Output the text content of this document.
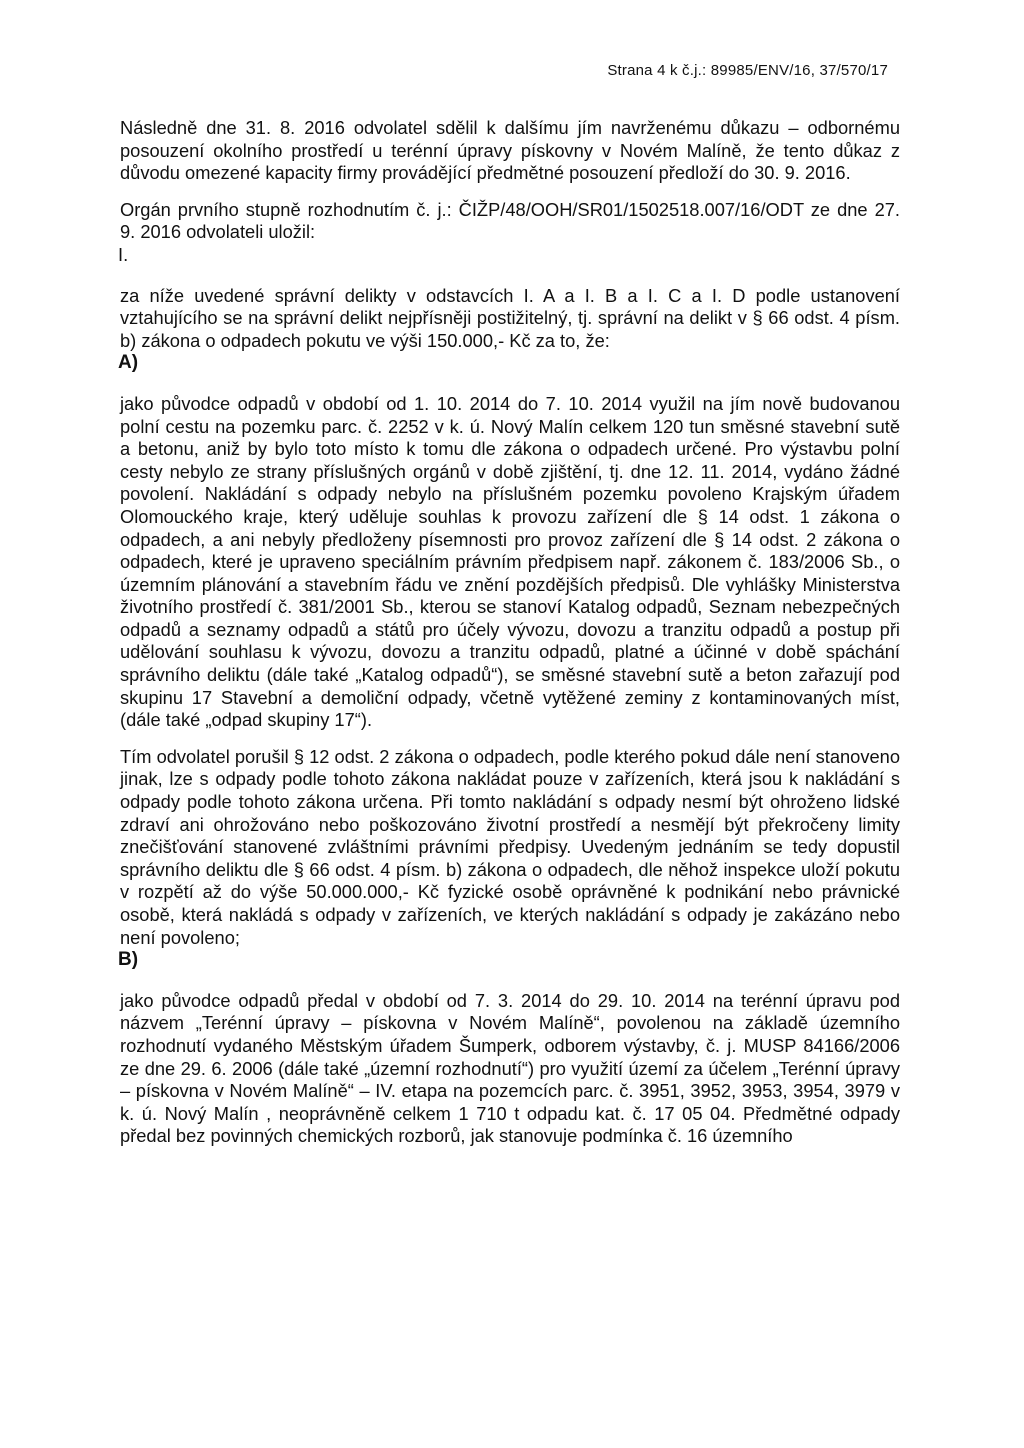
Strana 4 k č.j.: 89985/ENV/16, 37/570/17

Následně dne 31. 8. 2016 odvolatel sdělil k dalšímu jím navrženému důkazu – odbornému posouzení okolního prostředí u terénní úpravy pískovny v Novém Malíně, že tento důkaz z důvodu omezené kapacity firmy provádějící předmětné posouzení předloží do 30. 9. 2016.

Orgán prvního stupně rozhodnutím č. j.: ČIŽP/48/OOH/SR01/1502518.007/16/ODT ze dne 27. 9. 2016 odvolateli uložil:

I.

za níže uvedené správní delikty v odstavcích I. A a I. B a I. C a I. D podle ustanovení vztahujícího se na správní delikt nejpřísněji postižitelný, tj. správní na delikt v § 66 odst. 4 písm. b) zákona o odpadech pokutu ve výši 150.000,- Kč za to, že:

A)

jako původce odpadů v období od 1. 10. 2014 do 7. 10. 2014 využil na jím nově budovanou polní cestu na pozemku parc. č. 2252 v k. ú. Nový Malín celkem 120 tun směsné stavební sutě a betonu, aniž by bylo toto místo k tomu dle zákona o odpadech určené. Pro výstavbu polní cesty nebylo ze strany příslušných orgánů v době zjištění, tj. dne 12. 11. 2014, vydáno žádné povolení. Nakládání s odpady nebylo na příslušném pozemku povoleno Krajským úřadem Olomouckého kraje, který uděluje souhlas k provozu zařízení dle § 14 odst. 1 zákona o odpadech, a ani nebyly předloženy písemnosti pro provoz zařízení dle § 14 odst. 2 zákona o odpadech, které je upraveno speciálním právním předpisem např. zákonem č. 183/2006 Sb., o územním plánování a stavebním řádu ve znění pozdějších předpisů. Dle vyhlášky Ministerstva životního prostředí č. 381/2001 Sb., kterou se stanoví Katalog odpadů, Seznam nebezpečných odpadů a seznamy odpadů a států pro účely vývozu, dovozu a tranzitu odpadů a postup při udělování souhlasu k vývozu, dovozu a tranzitu odpadů, platné a účinné v době spáchání správního deliktu (dále také „Katalog odpadů“), se směsné stavební sutě a beton zařazují pod skupinu 17 Stavební a demoliční odpady, včetně vytěžené zeminy z kontaminovaných míst, (dále také „odpad skupiny 17“).

Tím odvolatel porušil § 12 odst. 2 zákona o odpadech, podle kterého pokud dále není stanoveno jinak, lze s odpady podle tohoto zákona nakládat pouze v zařízeních, která jsou k nakládání s odpady podle tohoto zákona určena. Při tomto nakládání s odpady nesmí být ohroženo lidské zdraví ani ohrožováno nebo poškozováno životní prostředí a nesmějí být překročeny limity znečišťování stanovené zvláštními právními předpisy. Uvedeným jednáním se tedy dopustil správního deliktu dle § 66 odst. 4 písm. b) zákona o odpadech, dle něhož inspekce uloží pokutu v rozpětí až do výše 50.000.000,- Kč fyzické osobě oprávněné k podnikání nebo právnické osobě, která nakládá s odpady v zařízeních, ve kterých nakládání s odpady je zakázáno nebo není povoleno;

B)

jako původce odpadů předal v období od 7. 3. 2014 do 29. 10. 2014 na terénní úpravu pod názvem „Terénní úpravy – pískovna v Novém Malíně“, povolenou na základě územního rozhodnutí vydaného Městským úřadem Šumperk, odborem výstavby, č. j. MUSP 84166/2006 ze dne 29. 6. 2006 (dále také „územní rozhodnutí“) pro využití území za účelem „Terénní úpravy – pískovna v Novém Malíně“ – IV. etapa na pozemcích parc. č. 3951, 3952, 3953, 3954, 3979 v k. ú. Nový Malín , neoprávněně celkem 1 710 t odpadu kat. č. 17 05 04. Předmětné odpady předal bez povinných chemických rozborů, jak stanovuje podmínka č. 16 územního
